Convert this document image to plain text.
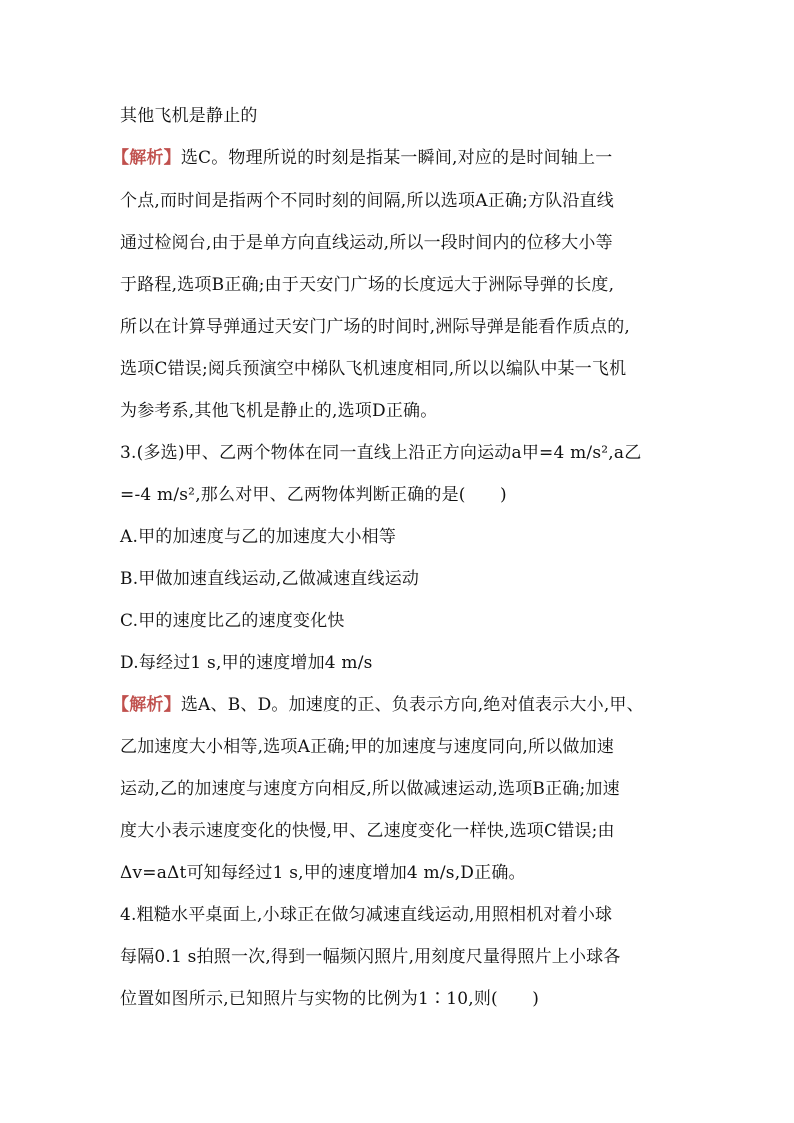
其他飞机是静止的
【解析】选C。物理所说的时刻是指某一瞬间,对应的是时间轴上一
个点,而时间是指两个不同时刻的间隔,所以选项A正确;方队沿直线
通过检阅台,由于是单方向直线运动,所以一段时间内的位移大小等
于路程,选项B正确;由于天安门广场的长度远大于洲际导弹的长度,
所以在计算导弹通过天安门广场的时间时,洲际导弹是能看作质点的,
选项C错误;阅兵预演空中梯队飞机速度相同,所以以编队中某一飞机
为参考系,其他飞机是静止的,选项D正确。
3.(多选)甲、乙两个物体在同一直线上沿正方向运动a甲=4 m/s²,a乙
=-4 m/s²,那么对甲、乙两物体判断正确的是(　　)
A.甲的加速度与乙的加速度大小相等
B.甲做加速直线运动,乙做减速直线运动
C.甲的速度比乙的速度变化快
D.每经过1 s,甲的速度增加4 m/s
【解析】选A、B、D。加速度的正、负表示方向,绝对值表示大小,甲、
乙加速度大小相等,选项A正确;甲的加速度与速度同向,所以做加速
运动,乙的加速度与速度方向相反,所以做减速运动,选项B正确;加速
度大小表示速度变化的快慢,甲、乙速度变化一样快,选项C错误;由
Δv=aΔt可知每经过1 s,甲的速度增加4 m/s,D正确。
4.粗糙水平桌面上,小球正在做匀减速直线运动,用照相机对着小球
每隔0.1 s拍照一次,得到一幅频闪照片,用刻度尺量得照片上小球各
位置如图所示,已知照片与实物的比例为1∶10,则(　　)
